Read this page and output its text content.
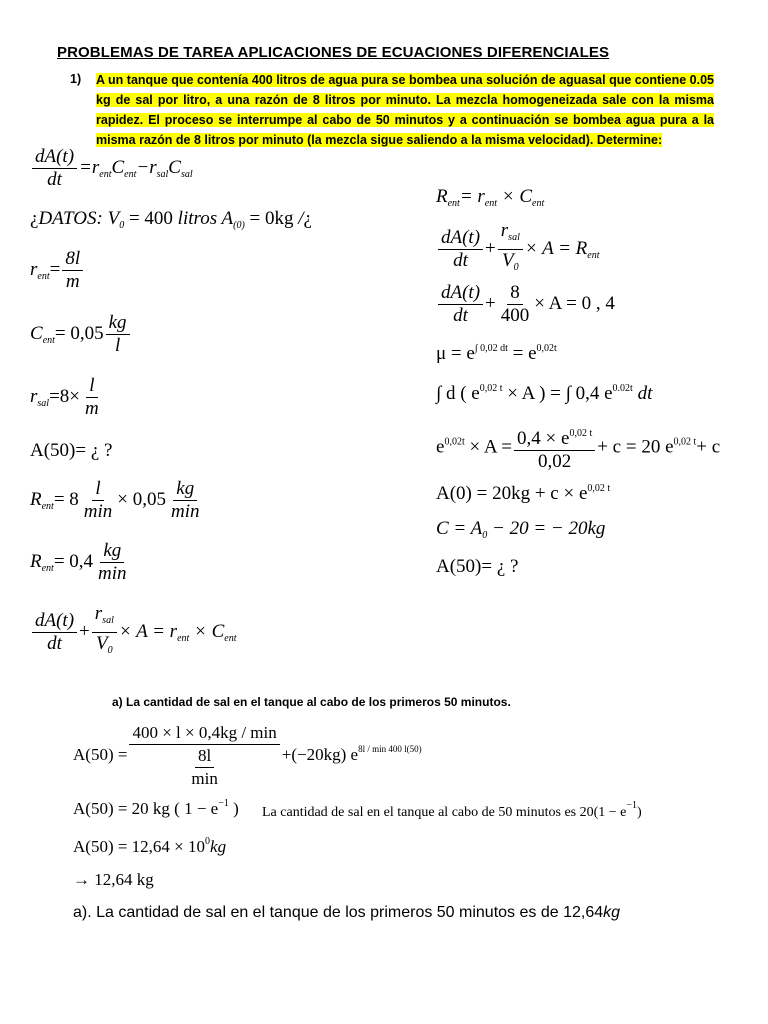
PROBLEMAS DE TAREA APLICACIONES DE ECUACIONES DIFERENCIALES
1) A un tanque que contenía 400 litros de agua pura se bombea una solución de aguasal que contiene 0.05 kg de sal por litro, a una razón de 8 litros por minuto. La mezcla homogeneizada sale con la misma rapidez. El proceso se interrumpe al cabo de 50 minutos y a continuación se bombea agua pura a la misma razón de 8 litros por minuto (la mezcla sigue saliendo a la misma velocidad). Determine:
$\frac{dA(t)}{dt} =r_{ent}C_{ent}-r_{sal}C_{sal}$
¿DATOS: $V_0 = 400$ litros $A_{(0)} = 0kg$ /¿
$r_{ent}= \frac{8l}{m}$
$C_{ent}= 0,05 \frac{kg}{l}$
$r_{sal}=8\times \frac{l}{m}$
A(50)= ¿ ?
$R_{ent}= 8 \frac{l}{\min} \times 0,05 \frac{kg}{\min}$
$R_{ent}= 0,4 \frac{kg}{\min}$
$\frac{dA(t)}{dt} + \frac{r_{sal}}{V_0} \times A = r_{ent} \times C_{ent}$
$R_{ent}= r_{ent} \times C_{ent}$
$\frac{dA(t)}{dt} + \frac{r_{sal}}{V_0} \times A = R_{ent}$
$\frac{dA(t)}{dt} + \frac{8}{400} \times A = 0$ , 4
$\mu = e^{\int 0,02 dt} = e^{0,02t}$
∫ d ( $e^{0,02 t} \times A$ ) = ∫ 0,4 $e^{0.02t}$ dt
$e^{0,02t} \times A = \frac{0,4 \times e^{0,02 t}}{0,02} + c = 20$ $e^{0,02 t}+ c$
$A(0) = 20kg + c \times e^{0,02 t}$
$C = A_0 - 20$ = − 20kg
A(50)= ¿ ?
a) La cantidad de sal en el tanque al cabo de los primeros 50 minutos.
$A(50) = \frac{400 \times l \times 0,4kg / \min}{\frac{8l}{\min}} +(-20kg)$ $e^{8l / min}$ $^{400 l(50)}$
A(50) = 20 kg ( $1 - e^{-1}$ ) La cantidad de sal en el tanque al cabo de 50 minutos es $20(1 - e^{-1})$
$A(50) = 12,64 \times 10^0kg$
→ 12,64 kg
a). La cantidad de sal en el tanque de los primeros 50 minutos es de 12,64kg
